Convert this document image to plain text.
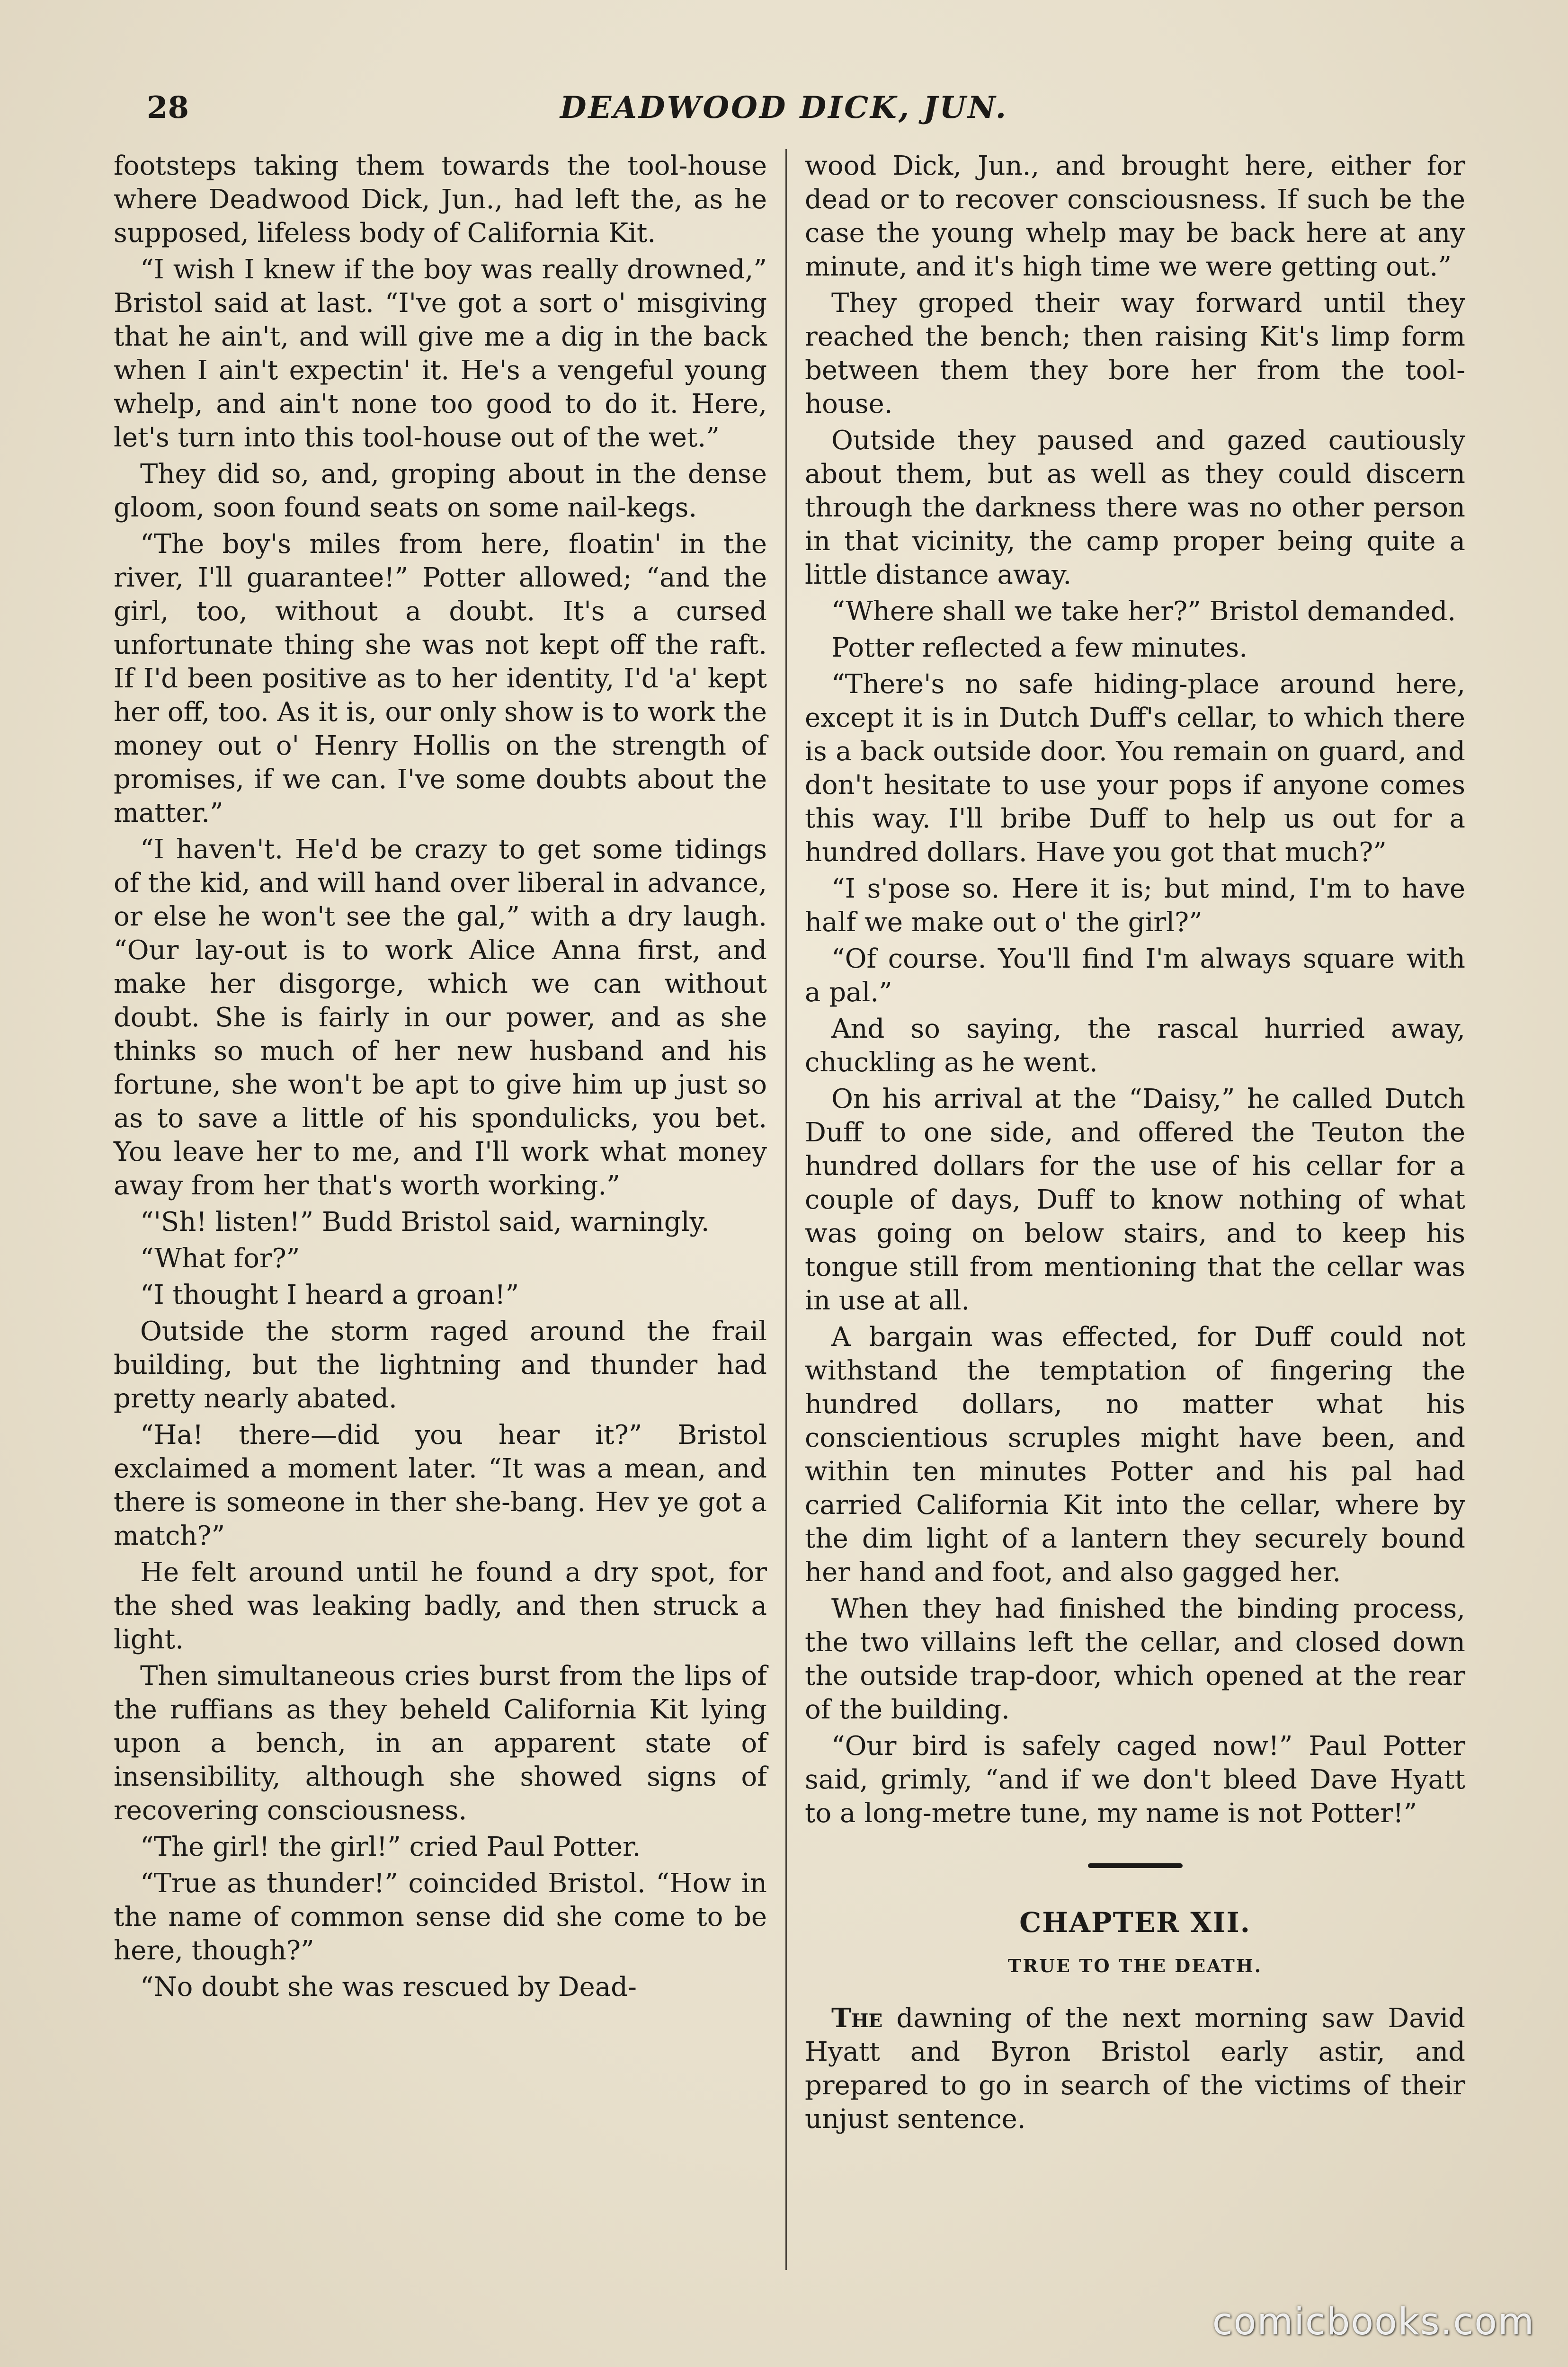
28	DEADWOOD DICK, JUN.

footsteps taking them towards the tool-house where Deadwood Dick, Jun., had left the, as he supposed, lifeless body of California Kit.

“I wish I knew if the boy was really drowned,” Bristol said at last. “I've got a sort o' misgiving that he ain't, and will give me a dig in the back when I ain't expectin' it. He's a vengeful young whelp, and ain't none too good to do it. Here, let's turn into this tool-house out of the wet.”

They did so, and, groping about in the dense gloom, soon found seats on some nail-kegs.

“The boy's miles from here, floatin' in the river, I'll guarantee!” Potter allowed; “and the girl, too, without a doubt. It's a cursed unfortunate thing she was not kept off the raft. If I'd been positive as to her identity, I'd 'a' kept her off, too. As it is, our only show is to work the money out o' Henry Hollis on the strength of promises, if we can. I've some doubts about the matter.”

“I haven't. He'd be crazy to get some tidings of the kid, and will hand over liberal in advance, or else he won't see the gal,” with a dry laugh. “Our lay-out is to work Alice Anna first, and make her disgorge, which we can without doubt. She is fairly in our power, and as she thinks so much of her new husband and his fortune, she won't be apt to give him up just so as to save a little of his spondulicks, you bet. You leave her to me, and I'll work what money away from her that's worth working.”

“'Sh! listen!” Budd Bristol said, warningly.

“What for?”

“I thought I heard a groan!”

Outside the storm raged around the frail building, but the lightning and thunder had pretty nearly abated.

“Ha! there—did you hear it?” Bristol exclaimed a moment later. “It was a mean, and there is someone in ther she-bang. Hev ye got a match?”

He felt around until he found a dry spot, for the shed was leaking badly, and then struck a light.

Then simultaneous cries burst from the lips of the ruffians as they beheld California Kit lying upon a bench, in an apparent state of insensibility, although she showed signs of recovering consciousness.

“The girl! the girl!” cried Paul Potter.

“True as thunder!” coincided Bristol. “How in the name of common sense did she come to be here, though?”

“No doubt she was rescued by Dead-

wood Dick, Jun., and brought here, either for dead or to recover consciousness. If such be the case the young whelp may be back here at any minute, and it's high time we were getting out.”

They groped their way forward until they reached the bench; then raising Kit's limp form between them they bore her from the tool-house.

Outside they paused and gazed cautiously about them, but as well as they could discern through the darkness there was no other person in that vicinity, the camp proper being quite a little distance away.

“Where shall we take her?” Bristol demanded.

Potter reflected a few minutes.

“There's no safe hiding-place around here, except it is in Dutch Duff's cellar, to which there is a back outside door. You remain on guard, and don't hesitate to use your pops if anyone comes this way. I'll bribe Duff to help us out for a hundred dollars. Have you got that much?”

“I s'pose so. Here it is; but mind, I'm to have half we make out o' the girl?”

“Of course. You'll find I'm always square with a pal.”

And so saying, the rascal hurried away, chuckling as he went.

On his arrival at the “Daisy,” he called Dutch Duff to one side, and offered the Teuton the hundred dollars for the use of his cellar for a couple of days, Duff to know nothing of what was going on below stairs, and to keep his tongue still from mentioning that the cellar was in use at all.

A bargain was effected, for Duff could not withstand the temptation of fingering the hundred dollars, no matter what his conscientious scruples might have been, and within ten minutes Potter and his pal had carried California Kit into the cellar, where by the dim light of a lantern they securely bound her hand and foot, and also gagged her.

When they had finished the binding process, the two villains left the cellar, and closed down the outside trap-door, which opened at the rear of the building.

“Our bird is safely caged now!” Paul Potter said, grimly, “and if we don't bleed Dave Hyatt to a long-metre tune, my name is not Potter!”

CHAPTER XII.
TRUE TO THE DEATH.

The dawning of the next morning saw David Hyatt and Byron Bristol early astir, and prepared to go in search of the victims of their unjust sentence.

comicbooks.com
